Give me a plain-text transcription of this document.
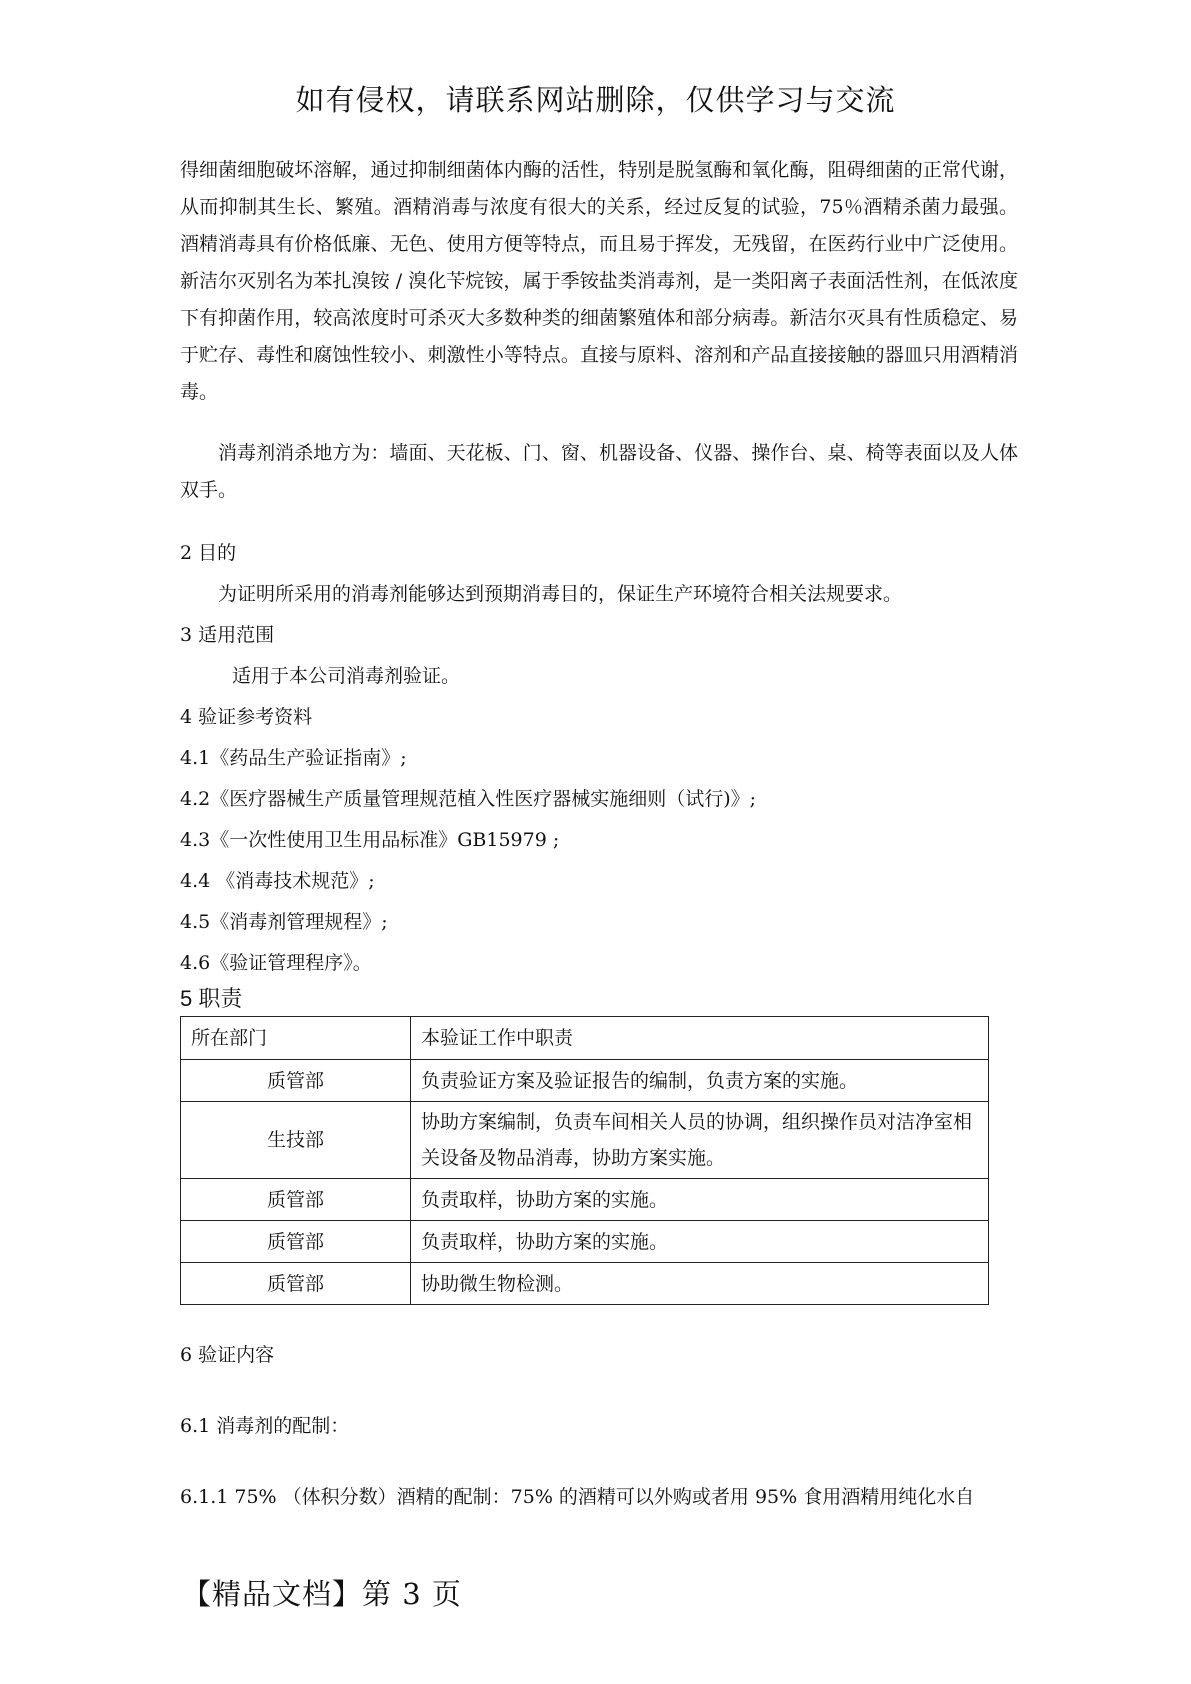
如有侵权，请联系网站删除，仅供学习与交流

得细菌细胞破坏溶解，通过抑制细菌体内酶的活性，特别是脱氢酶和氧化酶，阻碍细菌的正常代谢，从而抑制其生长、繁殖。酒精消毒与浓度有很大的关系，经过反复的试验，75％酒精杀菌力最强。酒精消毒具有价格低廉、无色、使用方便等特点，而且易于挥发，无残留，在医药行业中广泛使用。新洁尔灭别名为苯扎溴铵 / 溴化苄烷铵，属于季铵盐类消毒剂，是一类阳离子表面活性剂，在低浓度下有抑菌作用，较高浓度时可杀灭大多数种类的细菌繁殖体和部分病毒。新洁尔灭具有性质稳定、易于贮存、毒性和腐蚀性较小、刺激性小等特点。直接与原料、溶剂和产品直接接触的器皿只用酒精消毒。

消毒剂消杀地方为：墙面、天花板、门、窗、机器设备、仪器、操作台、桌、椅等表面以及人体双手。

2 目的

为证明所采用的消毒剂能够达到预期消毒目的，保证生产环境符合相关法规要求。

3 适用范围

适用于本公司消毒剂验证。

4 验证参考资料

4.1《药品生产验证指南》;

4.2《医疗器械生产质量管理规范植入性医疗器械实施细则（试行)》;

4.3《一次性使用卫生用品标准》GB15979 ;

4.4 《消毒技术规范》;

4.5《消毒剂管理规程》;

4.6《验证管理程序》。

5 职责

所在部门	本验证工作中职责
质管部	负责验证方案及验证报告的编制，负责方案的实施。
生技部	协助方案编制，负责车间相关人员的协调，组织操作员对洁净室相关设备及物品消毒，协助方案实施。
质管部	负责取样，协助方案的实施。
质管部	负责取样，协助方案的实施。
质管部	协助微生物检测。

6 验证内容

6.1 消毒剂的配制：

6.1.1 75% （体积分数）酒精的配制：75% 的酒精可以外购或者用 95% 食用酒精用纯化水自

【精品文档】第 3 页
